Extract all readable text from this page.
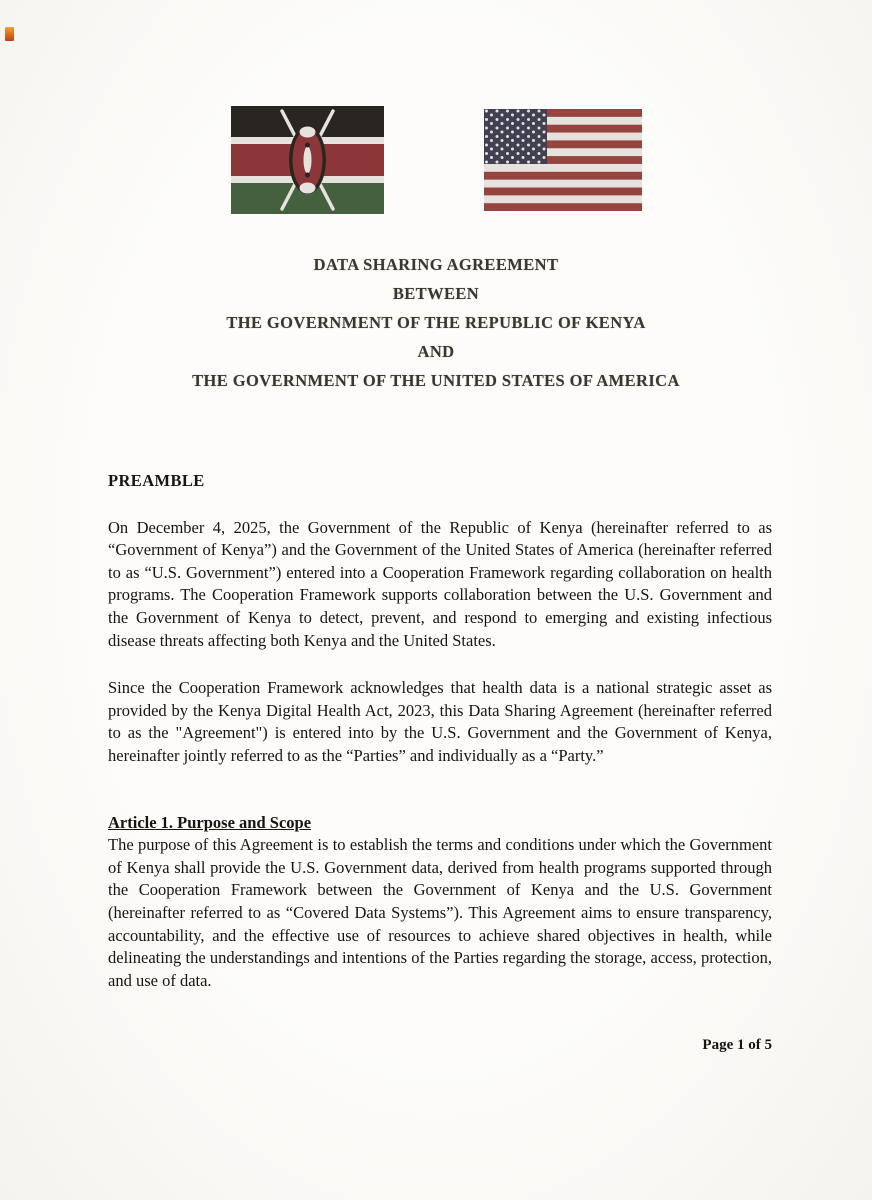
DATA SHARING AGREEMENT
BETWEEN
THE GOVERNMENT OF THE REPUBLIC OF KENYA
AND
THE GOVERNMENT OF THE UNITED STATES OF AMERICA
PREAMBLE

On December 4, 2025, the Government of the Republic of Kenya (hereinafter referred to as “Government of Kenya”) and the Government of the United States of America (hereinafter referred to as “U.S. Government”) entered into a Cooperation Framework regarding collaboration on health programs. The Cooperation Framework supports collaboration between the U.S. Government and the Government of Kenya to detect, prevent, and respond to emerging and existing infectious disease threats affecting both Kenya and the United States.

Since the Cooperation Framework acknowledges that health data is a national strategic asset as provided by the Kenya Digital Health Act, 2023, this Data Sharing Agreement (hereinafter referred to as the "Agreement") is entered into by the U.S. Government and the Government of Kenya, hereinafter jointly referred to as the “Parties” and individually as a “Party.”

Article 1. Purpose and Scope

The purpose of this Agreement is to establish the terms and conditions under which the Government of Kenya shall provide the U.S. Government data, derived from health programs supported through the Cooperation Framework between the Government of Kenya and the U.S. Government (hereinafter referred to as “Covered Data Systems”). This Agreement aims to ensure transparency, accountability, and the effective use of resources to achieve shared objectives in health, while delineating the understandings and intentions of the Parties regarding the storage, access, protection, and use of data.

Page 1 of 5
